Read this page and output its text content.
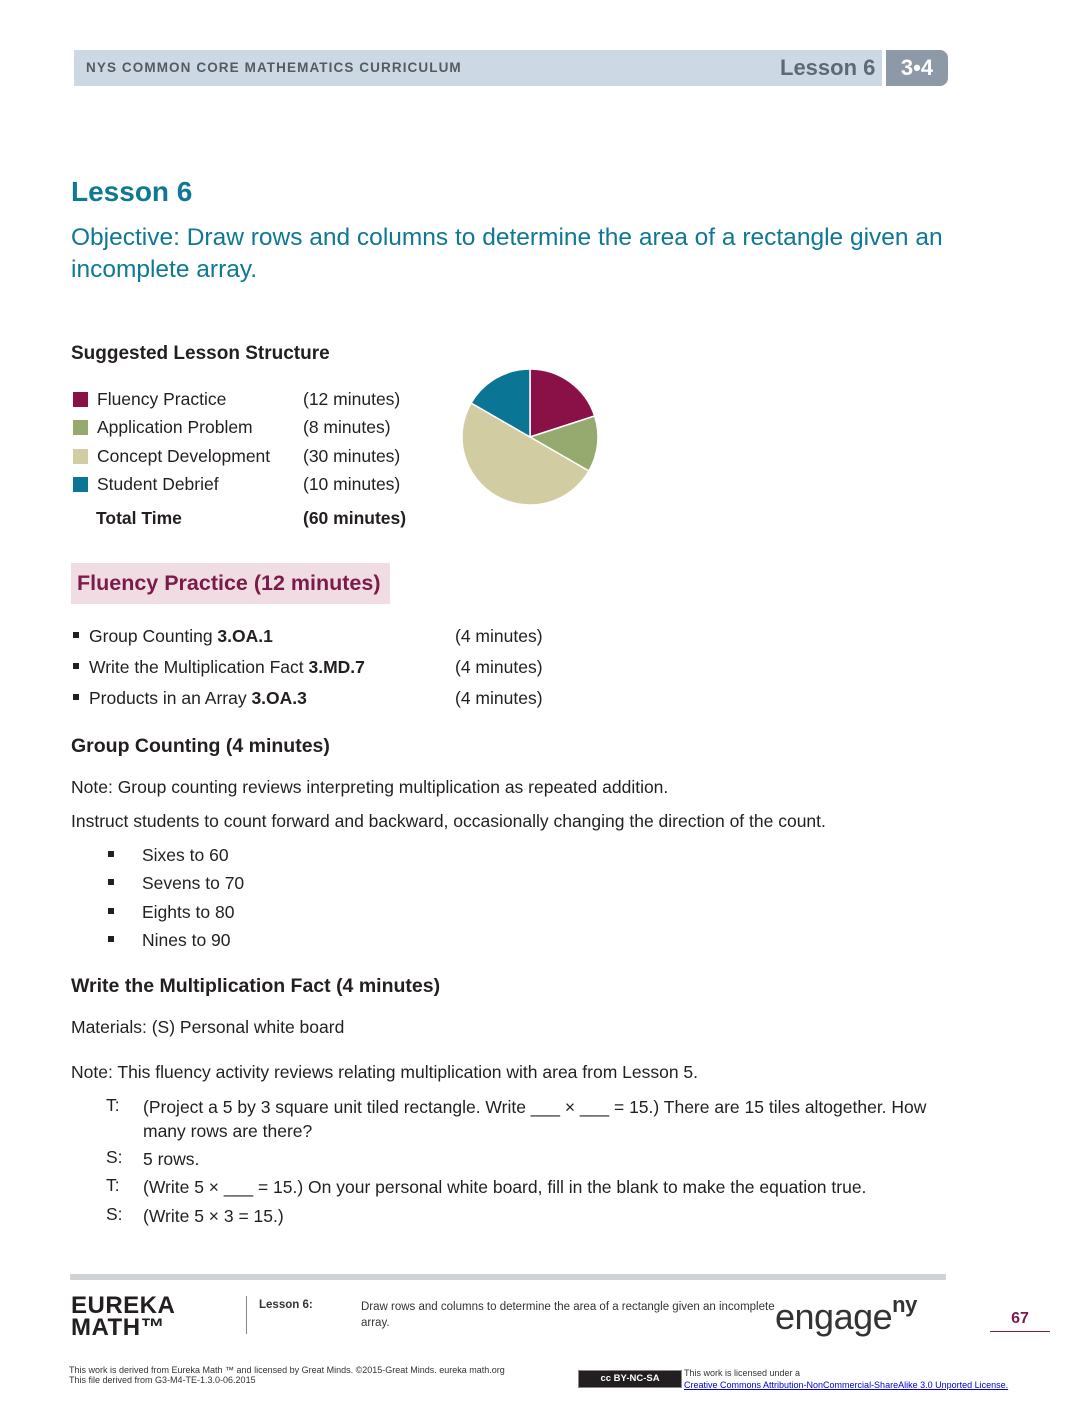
NYS COMMON CORE MATHEMATICS CURRICULUM	Lesson 6	3•4
Lesson 6
Objective: Draw rows and columns to determine the area of a rectangle given an incomplete array.
Suggested Lesson Structure
Fluency Practice	(12 minutes)
Application Problem	(8 minutes)
Concept Development (30 minutes)
Student Debrief	(10 minutes)
Total Time	(60 minutes)
Fluency Practice (12 minutes)
Group Counting 3.OA.1	(4 minutes)
Write the Multiplication Fact 3.MD.7	(4 minutes)
Products in an Array 3.OA.3	(4 minutes)
Group Counting (4 minutes)
Note: Group counting reviews interpreting multiplication as repeated addition.
Instruct students to count forward and backward, occasionally changing the direction of the count.
Sixes to 60
Sevens to 70
Eights to 80
Nines to 90
Write the Multiplication Fact (4 minutes)
Materials: (S) Personal white board
Note: This fluency activity reviews relating multiplication with area from Lesson 5.
T: (Project a 5 by 3 square unit tiled rectangle. Write ___ × ___ = 15.) There are 15 tiles altogether. How many rows are there?
S: 5 rows.
T: (Write 5 × ___ = 15.) On your personal white board, fill in the blank to make the equation true.
S: (Write 5 × 3 = 15.)
EUREKA
MATH™
Lesson 6:	Draw rows and columns to determine the area of a rectangle given an incomplete array.	engage$^{ny}$
67
This work is derived from Eureka Math ™ and licensed by Great Minds. ©2015-Great Minds. eureka math.org
This file derived from G3-M4-TE-1.3.0-06.2015	cc BY-NC-SA	This work is licensed under a
Creative Commons Attribution-NonCommercial-ShareAlike 3.0 Unported License.
